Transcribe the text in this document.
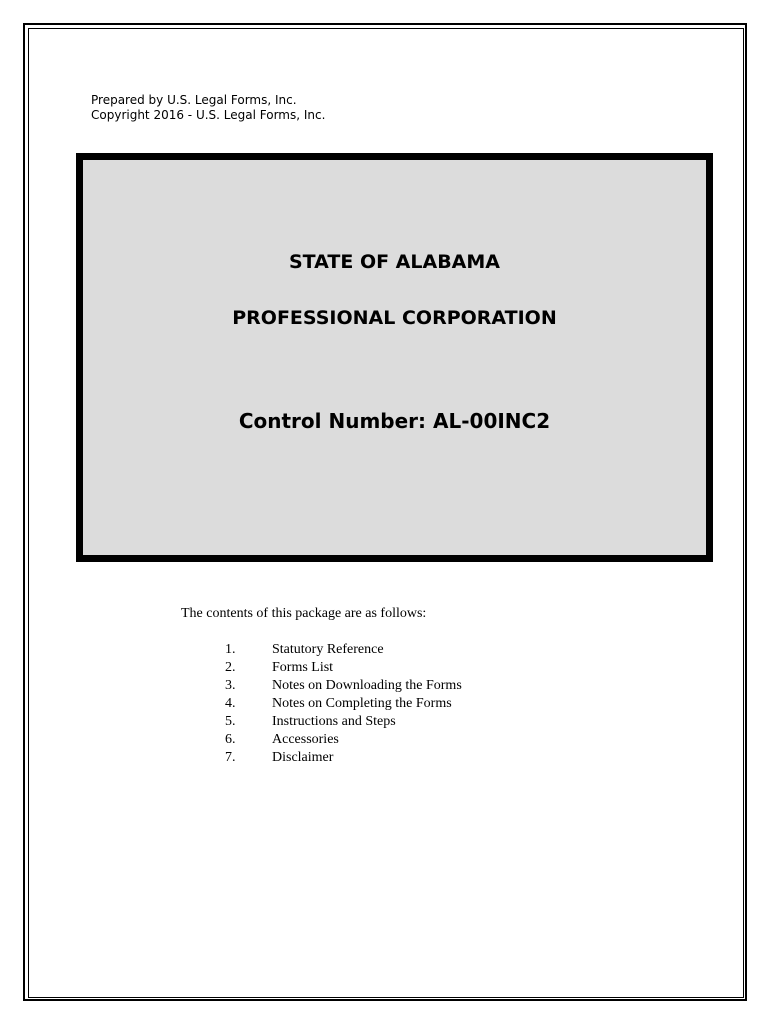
Prepared by U.S. Legal Forms, Inc.
Copyright 2016 - U.S. Legal Forms, Inc.
STATE OF ALABAMA
PROFESSIONAL CORPORATION
Control Number: AL-00INC2
The contents of this package are as follows:
1.	Statutory Reference
2.	Forms List
3.	Notes on Downloading the Forms
4.	Notes on Completing the Forms
5.	Instructions and Steps
6.	Accessories
7.	Disclaimer
